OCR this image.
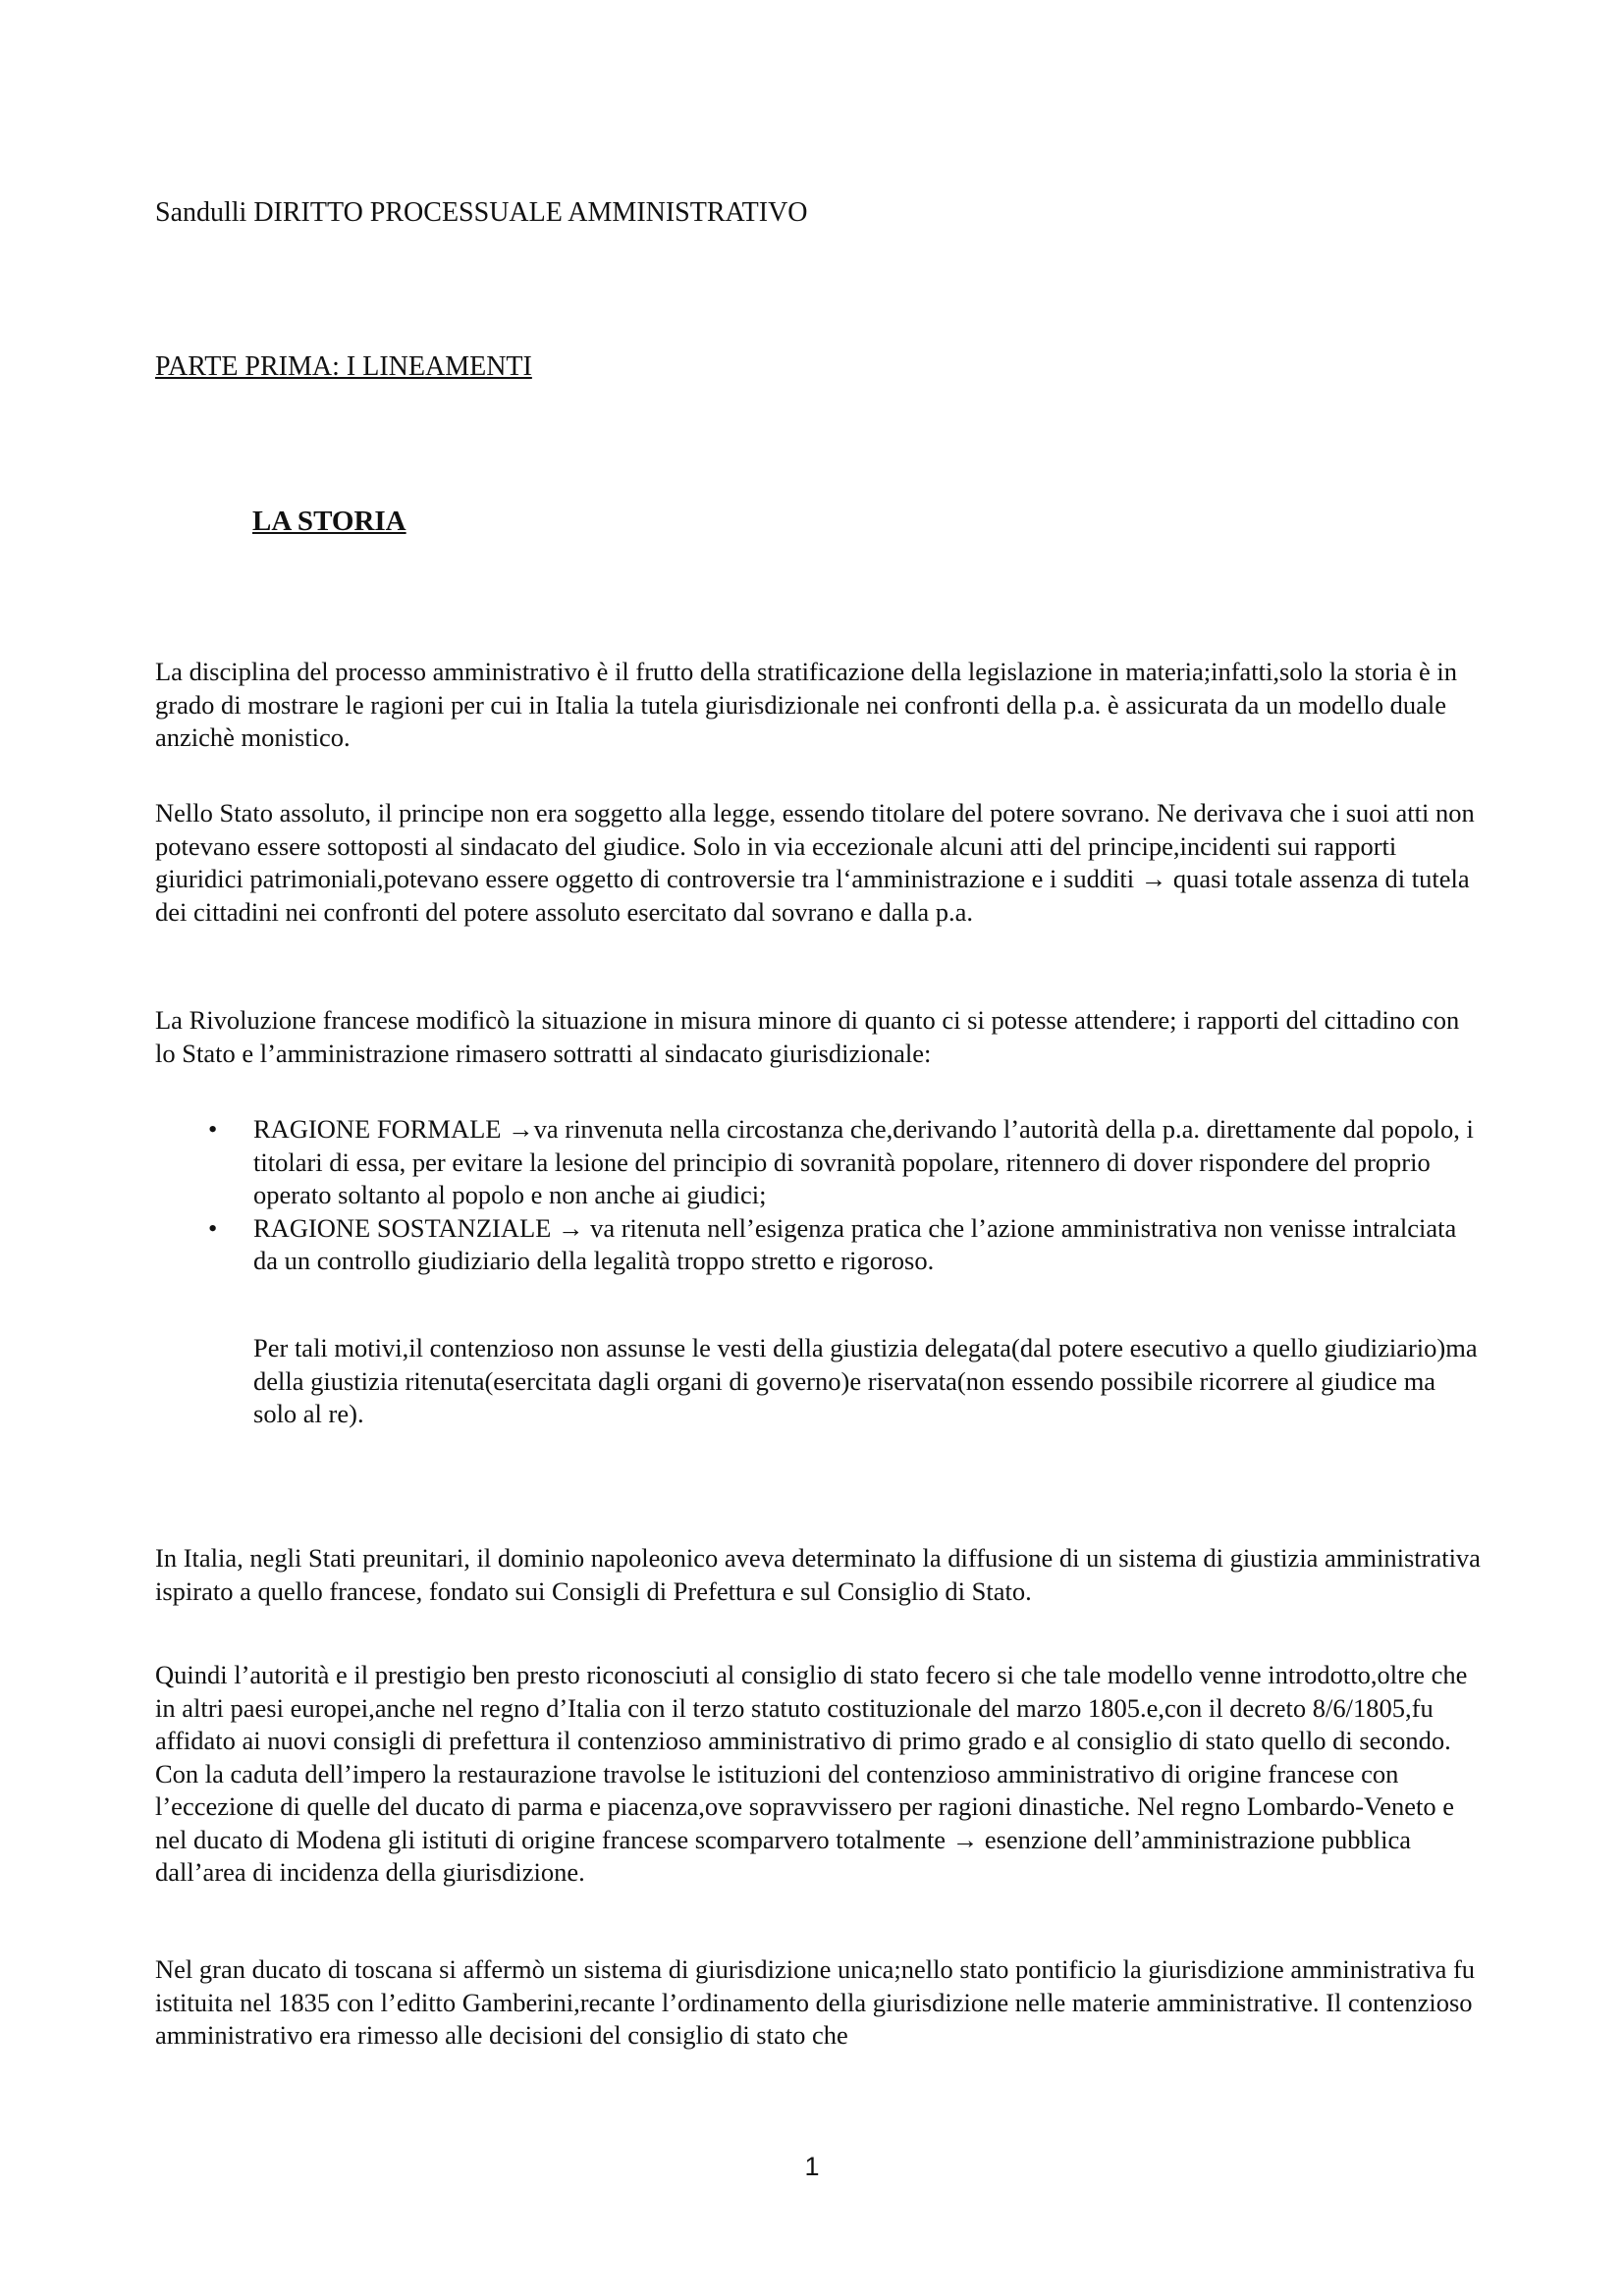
Sandulli DIRITTO PROCESSUALE AMMINISTRATIVO
PARTE PRIMA: I LINEAMENTI
LA STORIA

La disciplina del processo amministrativo è il frutto della stratificazione della legislazione in materia;infatti,solo la storia è in grado di mostrare le ragioni per cui in Italia la tutela giurisdizionale nei confronti della p.a. è assicurata da un modello duale anzichè monistico.

Nello Stato assoluto, il principe non era soggetto alla legge, essendo titolare del potere sovrano. Ne derivava che i suoi atti non potevano essere sottoposti al sindacato del giudice. Solo in via eccezionale alcuni atti del principe,incidenti sui rapporti giuridici patrimoniali,potevano essere oggetto di controversie tra l‘amministrazione e i sudditi → quasi totale assenza di tutela dei cittadini nei confronti del potere assoluto esercitato dal sovrano e dalla p.a.

La Rivoluzione francese modificò la situazione in misura minore di quanto ci si potesse attendere; i rapporti del cittadino con lo Stato e l’amministrazione rimasero sottratti al sindacato giurisdizionale:

• RAGIONE FORMALE →va rinvenuta nella circostanza che,derivando l’autorità della p.a. direttamente dal popolo, i titolari di essa, per evitare la lesione del principio di sovranità popolare, ritennero di dover rispondere del proprio operato soltanto al popolo e non anche ai giudici;
• RAGIONE SOSTANZIALE → va ritenuta nell’esigenza pratica che l’azione amministrativa non venisse intralciata da un controllo giudiziario della legalità troppo stretto e rigoroso.

Per tali motivi,il contenzioso non assunse le vesti della giustizia delegata(dal potere esecutivo a quello giudiziario)ma della giustizia ritenuta(esercitata dagli organi di governo)e riservata(non essendo possibile ricorrere al giudice ma solo al re).

In Italia, negli Stati preunitari, il dominio napoleonico aveva determinato la diffusione di un sistema di giustizia amministrativa ispirato a quello francese, fondato sui Consigli di Prefettura e sul Consiglio di Stato.

Quindi l’autorità e il prestigio ben presto riconosciuti al consiglio di stato fecero si che tale modello venne introdotto,oltre che in altri paesi europei,anche nel regno d’Italia con il terzo statuto costituzionale del marzo 1805.e,con il decreto 8/6/1805,fu affidato ai nuovi consigli di prefettura il contenzioso amministrativo di primo grado e al consiglio di stato quello di secondo. Con la caduta dell’impero la restaurazione travolse le istituzioni del contenzioso amministrativo di origine francese con l’eccezione di quelle del ducato di parma e piacenza,ove sopravvissero per ragioni dinastiche. Nel regno Lombardo-Veneto e nel ducato di Modena gli istituti di origine francese scomparvero totalmente → esenzione dell’amministrazione pubblica dall’area di incidenza della giurisdizione.

Nel gran ducato di toscana si affermò un sistema di giurisdizione unica;nello stato pontificio la giurisdizione amministrativa fu istituita nel 1835 con l’editto Gamberini,recante l’ordinamento della giurisdizione nelle materie amministrative. Il contenzioso amministrativo era rimesso alle decisioni del consiglio di stato che

1
